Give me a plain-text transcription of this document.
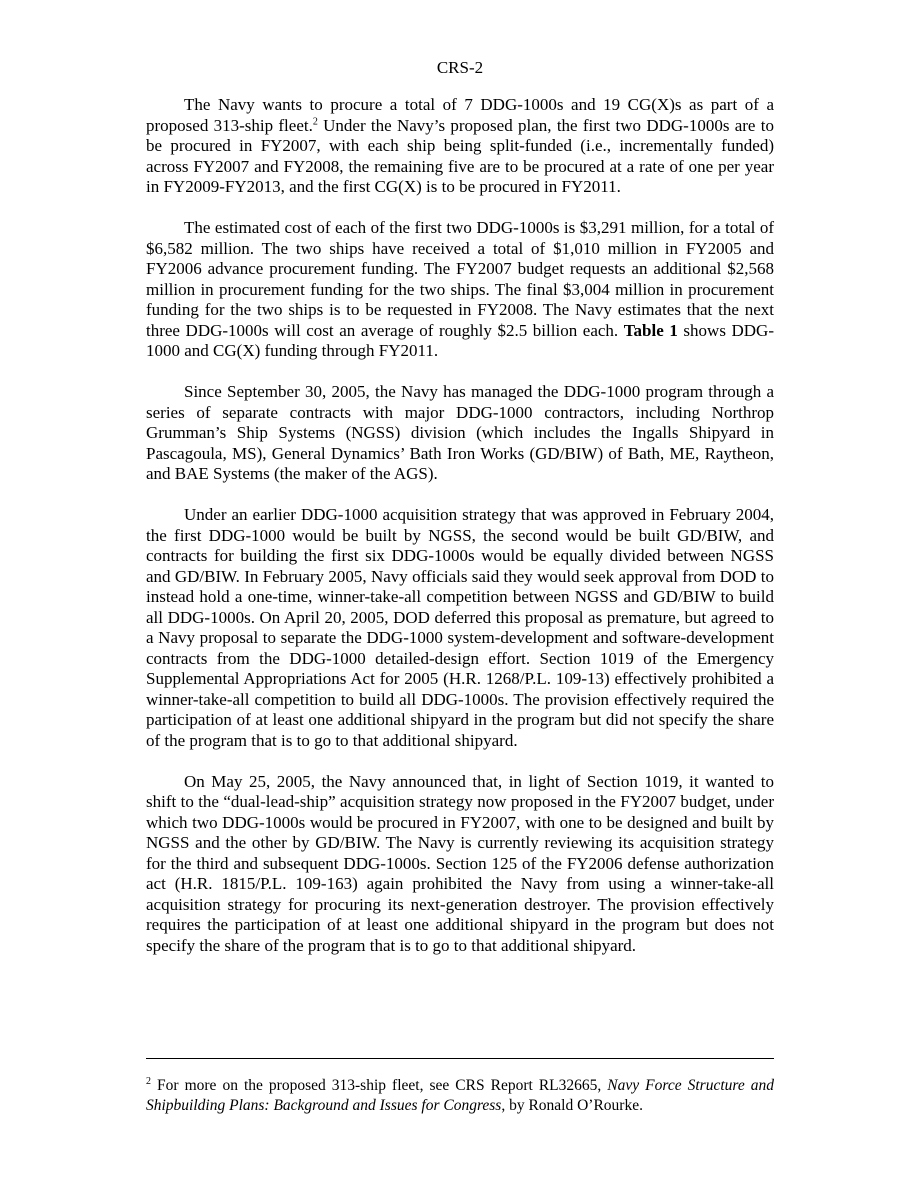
CRS-2

The Navy wants to procure a total of 7 DDG-1000s and 19 CG(X)s as part of a proposed 313-ship fleet.$^2$ Under the Navy’s proposed plan, the first two DDG-1000s are to be procured in FY2007, with each ship being split-funded (i.e., incrementally funded) across FY2007 and FY2008, the remaining five are to be procured at a rate of one per year in FY2009-FY2013, and the first CG(X) is to be procured in FY2011.

The estimated cost of each of the first two DDG-1000s is $3,291 million, for a total of $6,582 million. The two ships have received a total of $1,010 million in FY2005 and FY2006 advance procurement funding. The FY2007 budget requests an additional $2,568 million in procurement funding for the two ships. The final $3,004 million in procurement funding for the two ships is to be requested in FY2008. The Navy estimates that the next three DDG-1000s will cost an average of roughly $2.5 billion each. Table 1 shows DDG-1000 and CG(X) funding through FY2011.

Since September 30, 2005, the Navy has managed the DDG-1000 program through a series of separate contracts with major DDG-1000 contractors, including Northrop Grumman’s Ship Systems (NGSS) division (which includes the Ingalls Shipyard in Pascagoula, MS), General Dynamics’ Bath Iron Works (GD/BIW) of Bath, ME, Raytheon, and BAE Systems (the maker of the AGS).

Under an earlier DDG-1000 acquisition strategy that was approved in February 2004, the first DDG-1000 would be built by NGSS, the second would be built GD/BIW, and contracts for building the first six DDG-1000s would be equally divided between NGSS and GD/BIW. In February 2005, Navy officials said they would seek approval from DOD to instead hold a one-time, winner-take-all competition between NGSS and GD/BIW to build all DDG-1000s. On April 20, 2005, DOD deferred this proposal as premature, but agreed to a Navy proposal to separate the DDG-1000 system-development and software-development contracts from the DDG-1000 detailed-design effort. Section 1019 of the Emergency Supplemental Appropriations Act for 2005 (H.R. 1268/P.L. 109-13) effectively prohibited a winner-take-all competition to build all DDG-1000s. The provision effectively required the participation of at least one additional shipyard in the program but did not specify the share of the program that is to go to that additional shipyard.

On May 25, 2005, the Navy announced that, in light of Section 1019, it wanted to shift to the “dual-lead-ship” acquisition strategy now proposed in the FY2007 budget, under which two DDG-1000s would be procured in FY2007, with one to be designed and built by NGSS and the other by GD/BIW. The Navy is currently reviewing its acquisition strategy for the third and subsequent DDG-1000s. Section 125 of the FY2006 defense authorization act (H.R. 1815/P.L. 109-163) again prohibited the Navy from using a winner-take-all acquisition strategy for procuring its next-generation destroyer. The provision effectively requires the participation of at least one additional shipyard in the program but does not specify the share of the program that is to go to that additional shipyard.

$^2$ For more on the proposed 313-ship fleet, see CRS Report RL32665, Navy Force Structure and Shipbuilding Plans: Background and Issues for Congress, by Ronald O’Rourke.
